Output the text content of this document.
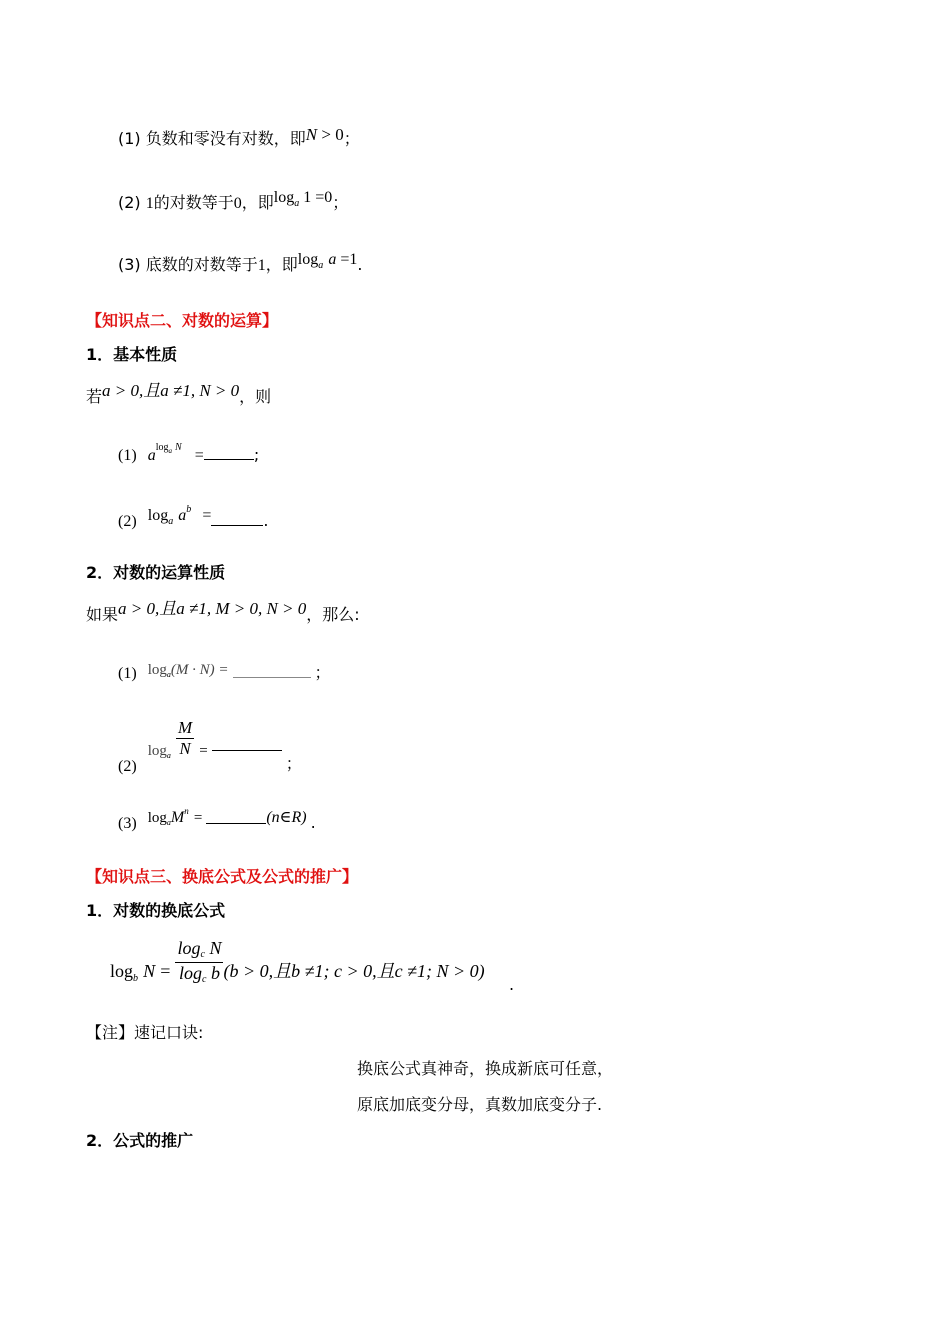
(1) 负数和零没有对数，即N > 0；
(2) 1的对数等于0，即loga 1 =0；
(3) 底数的对数等于1，即loga a =1.
【知识点二、对数的运算】
1．基本性质
若a > 0,且a ≠1, N > 0，则
(1) $a^{loga}$ $^N$ =	;
(2) loga $a^b$ =	.
2．对数的运算性质
如果a > 0,且a ≠1, M > 0, N > 0，那么:
(1) loga(M · N) =	；
(2) $\log_a \frac{M}{N}$ =；
(3) logaM$^n$ =	(n∈R) .
【知识点三、换底公式及公式的推广】
1．对数的换底公式
$\log_b N = \frac{\text{logc N}}{\text{logc b}} (b > 0$,且b ≠1; c > 0,且c ≠1; N > 0)
.
【注】速记口诀:
换底公式真神奇，换成新底可任意，
原底加底变分母，真数加底变分子.
2．公式的推广
